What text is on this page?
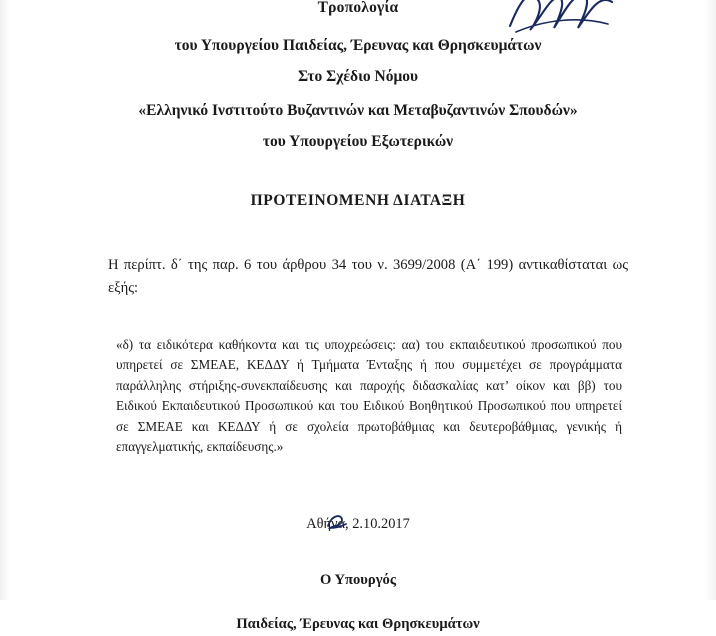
Τροπολογία

του Υπουργείου Παιδείας, Έρευνας και Θρησκευμάτων

Στο Σχέδιο Νόμου

«Ελληνικό Ινστιτούτο Βυζαντινών και Μεταβυζαντινών Σπουδών»

του Υπουργείου Εξωτερικών

ΠΡΟΤΕΙΝΟΜΕΝΗ ΔΙΑΤΑΞΗ

Η περίπτ. δ΄ της παρ. 6 του άρθρου 34 του ν. 3699/2008 (Α΄ 199) αντικαθίσταται ως εξής:

«δ) τα ειδικότερα καθήκοντα και τις υποχρεώσεις: αα) του εκπαιδευτικού προσωπικού που υπηρετεί σε ΣΜΕΑΕ, ΚΕΔΔΥ ή Τμήματα Ένταξης ή που συμμετέχει σε προγράμματα παράλληλης στήριξης-συνεκπαίδευσης και παροχής διδασκαλίας κατ’ οίκον και ββ) του Ειδικού Εκπαιδευτικού Προσωπικού και του Ειδικού Βοηθητικού Προσωπικού που υπηρετεί σε ΣΜΕΑΕ και ΚΕΔΔΥ ή σε σχολεία πρωτοβάθμιας και δευτεροβάθμιας, γενικής ή επαγγελματικής, εκπαίδευσης.»

Αθήνα, 2.10.2017
Ο Υπουργός
Παιδείας, Έρευνας και Θρησκευμάτων
